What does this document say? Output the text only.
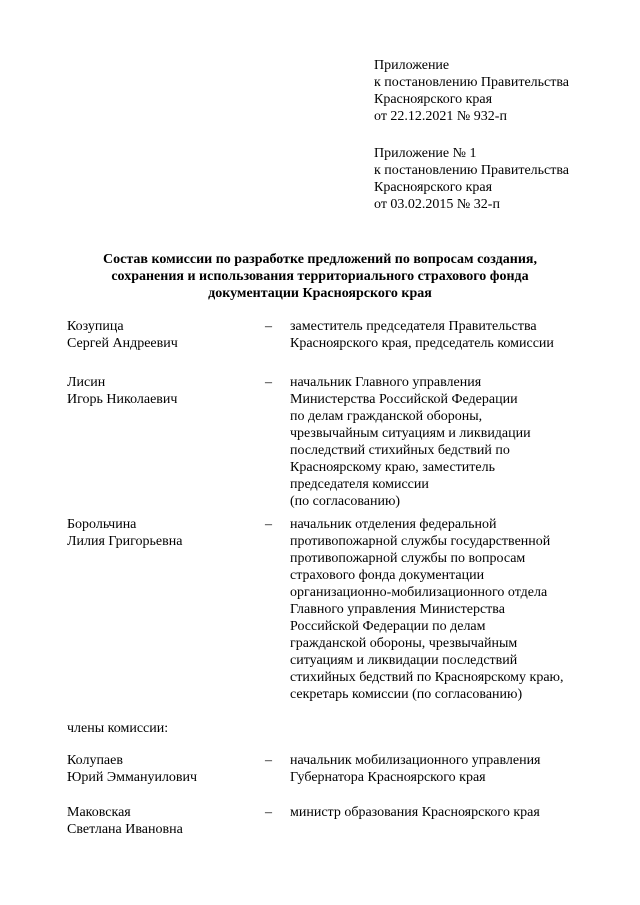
Приложение
к постановлению Правительства
Красноярского края
от 22.12.2021 № 932-п
Приложение № 1
к постановлению Правительства
Красноярского края
от 03.02.2015 № 32-п
Состав комиссии по разработке предложений по вопросам создания,
сохранения и использования территориального страхового фонда
документации Красноярского края
Козупица
Сергей Андреевич
– заместитель председателя Правительства
Красноярского края, председатель комиссии
Лисин
Игорь Николаевич
– начальник Главного управления
Министерства Российской Федерации
по делам гражданской обороны,
чрезвычайным ситуациям и ликвидации
последствий стихийных бедствий по
Красноярскому краю, заместитель
председателя комиссии
(по согласованию)
Борольчина
Лилия Григорьевна
– начальник отделения федеральной
противопожарной службы государственной
противопожарной службы по вопросам
страхового фонда документации
организационно-мобилизационного отдела
Главного управления Министерства
Российской Федерации по делам
гражданской обороны, чрезвычайным
ситуациям и ликвидации последствий
стихийных бедствий по Красноярскому краю,
секретарь комиссии (по согласованию)
члены комиссии:
Колупаев
Юрий Эммануилович
– начальник мобилизационного управления
Губернатора Красноярского края
Маковская
Светлана Ивановна
– министр образования Красноярского края
